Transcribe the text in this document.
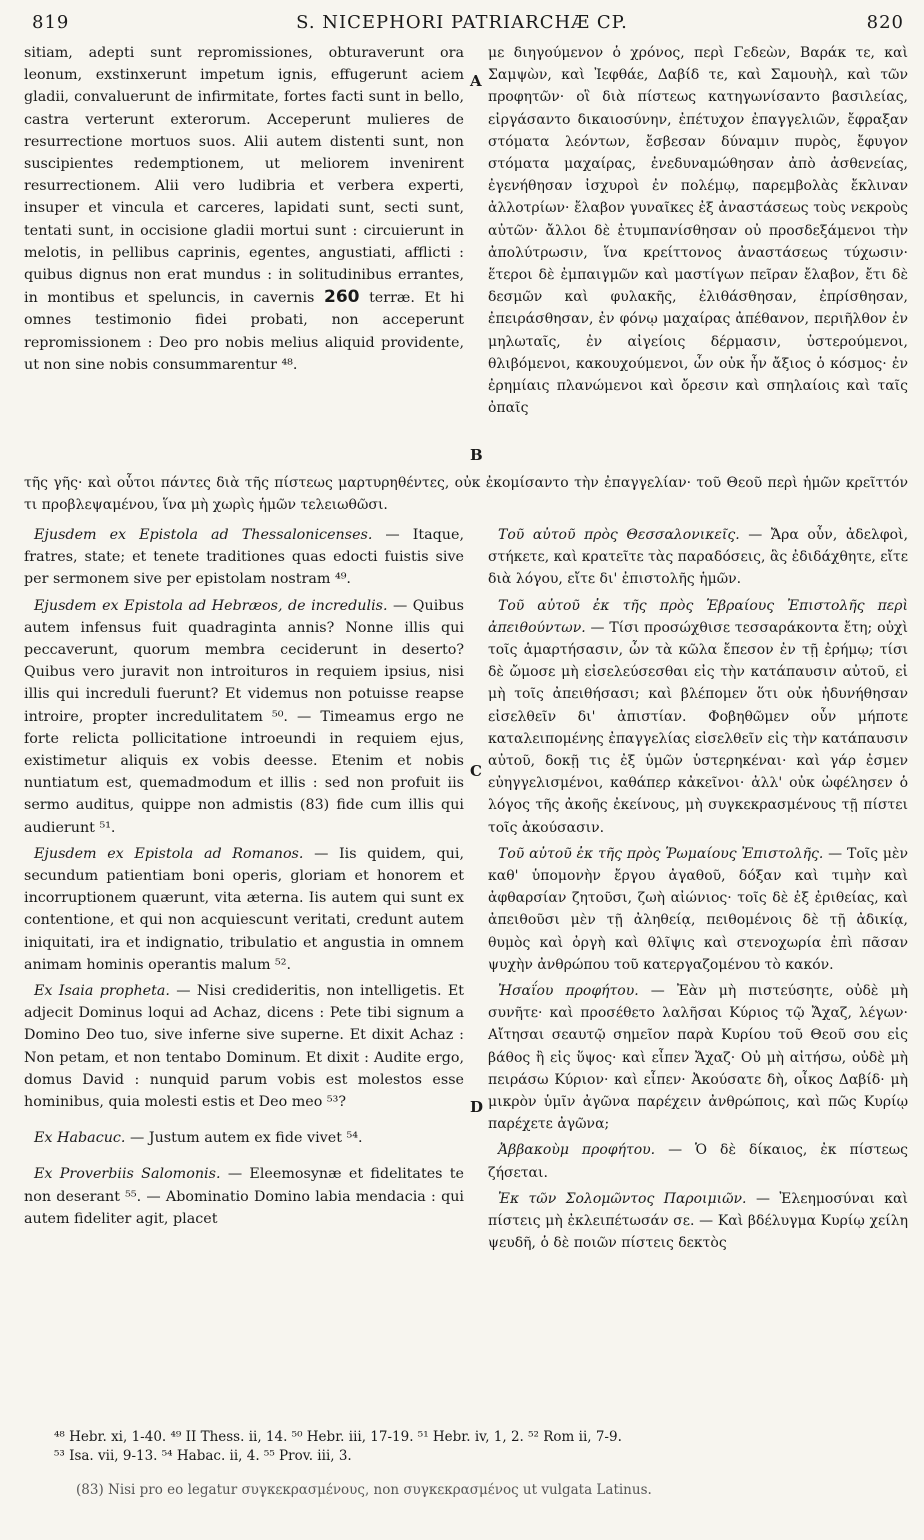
819	S. NICEPHORI PATRIARCHÆ CP.	820

sitiam, adepti sunt repromissiones, obturaverunt ora leonum, exstinxerunt impetum ignis, effugerunt aciem gladii, convaluerunt de infirmitate, fortes facti sunt in bello, castra verterunt exterorum. Acceperunt mulieres de resurrectione mortuos suos. Alii autem distenti sunt, non suscipientes redemptionem, ut meliorem invenirent resurrectionem. Alii vero ludibria et verbera experti, insuper et vincula et carceres, lapidati sunt, secti sunt, tentati sunt, in occisione gladii mortui sunt : circuierunt in melotis, in pellibus caprinis, egentes, angustiati, afflicti : quibus dignus non erat mundus : in solitudinibus errantes, in montibus et speluncis, in cavernis 260 terræ. Et hi omnes testimonio fidei probati, non acceperunt repromissionem : Deo pro nobis melius aliquid providente, ut non sine nobis consummarentur ⁴⁸.

A
B

με διηγούμενον ὁ χρόνος, περὶ Γεδεὼν, Βαράκ τε, καὶ Σαμψὼν, καὶ Ἰεφθάε, Δαβίδ τε, καὶ Σαμουὴλ, καὶ τῶν προφητῶν· οἳ διὰ πίστεως κατηγωνίσαντο βασιλείας, εἰργάσαντο δικαιοσύνην, ἐπέτυχον ἐπαγγελιῶν, ἔφραξαν στόματα λεόντων, ἔσβεσαν δύναμιν πυρὸς, ἔφυγον στόματα μαχαίρας, ἐνεδυναμώθησαν ἀπὸ ἀσθενείας, ἐγενήθησαν ἰσχυροὶ ἐν πολέμῳ, παρεμβολὰς ἔκλιναν ἀλλοτρίων· ἔλαβον γυναῖκες ἐξ ἀναστάσεως τοὺς νεκροὺς αὐτῶν· ἄλλοι δὲ ἐτυμπανίσθησαν οὐ προσδεξάμενοι τὴν ἀπολύτρωσιν, ἵνα κρείττονος ἀναστάσεως τύχωσιν· ἕτεροι δὲ ἐμπαιγμῶν καὶ μαστίγων πεῖραν ἔλαβον, ἔτι δὲ δεσμῶν καὶ φυλακῆς, ἐλιθάσθησαν, ἐπρίσθησαν, ἐπειράσθησαν, ἐν φόνῳ μαχαίρας ἀπέθανον, περιῆλθον ἐν μηλωταῖς, ἐν αἰγείοις δέρμασιν, ὑστερούμενοι, θλιβόμενοι, κακουχούμενοι, ὧν οὐκ ἦν ἄξιος ὁ κόσμος· ἐν ἐρημίαις πλανώμενοι καὶ ὄρεσιν καὶ σπηλαίοις καὶ ταῖς ὀπαῖς

τῆς γῆς· καὶ οὗτοι πάντες διὰ τῆς πίστεως μαρτυρηθέντες, οὐκ ἐκομίσαντο τὴν ἐπαγγελίαν· τοῦ Θεοῦ περὶ ἡμῶν κρεῖττόν τι προβλεψαμένου, ἵνα μὴ χωρὶς ἡμῶν τελειωθῶσι.

Ejusdem ex Epistola ad Thessalonicenses. — Itaque, fratres, state; et tenete traditiones quas edocti fuistis sive per sermonem sive per epistolam nostram ⁴⁹.

Ejusdem ex Epistola ad Hebræos, de incredulis. — Quibus autem infensus fuit quadraginta annis? Nonne illis qui peccaverunt, quorum membra ceciderunt in deserto? Quibus vero juravit non introituros in requiem ipsius, nisi illis qui increduli fuerunt? Et videmus non potuisse reapse introire, propter incredulitatem ⁵⁰. — Timeamus ergo ne forte relicta pollicitatione introeundi in requiem ejus, existimetur aliquis ex vobis deesse. Etenim et nobis nuntiatum est, quemadmodum et illis : sed non profuit iis sermo auditus, quippe non admistis (83) fide cum illis qui audierunt ⁵¹.

Ejusdem ex Epistola ad Romanos. — Iis quidem, qui, secundum patientiam boni operis, gloriam et honorem et incorruptionem quærunt, vita æterna. Iis autem qui sunt ex contentione, et qui non acquiescunt veritati, credunt autem iniquitati, ira et indignatio, tribulatio et angustia in omnem animam hominis operantis malum ⁵².

Ex Isaia propheta. — Nisi credideritis, non intelligetis. Et adjecit Dominus loqui ad Achaz, dicens : Pete tibi signum a Domino Deo tuo, sive inferne sive superne. Et dixit Achaz : Non petam, et non tentabo Dominum. Et dixit : Audite ergo, domus David : nunquid parum vobis est molestos esse hominibus, quia molesti estis et Deo meo ⁵³?

Ex Habacuc. — Justum autem ex fide vivet ⁵⁴.

Ex Proverbiis Salomonis. — Eleemosynæ et fidelitates te non deserant ⁵⁵. — Abominatio Domino labia mendacia : qui autem fideliter agit, placet

C
D

Τοῦ αὐτοῦ πρὸς Θεσσαλονικεῖς. — Ἄρα οὖν, ἀδελφοὶ, στήκετε, καὶ κρατεῖτε τὰς παραδόσεις, ἃς ἐδιδάχθητε, εἴτε διὰ λόγου, εἴτε δι' ἐπιστολῆς ἡμῶν.

Τοῦ αὐτοῦ ἐκ τῆς πρὸς Ἑβραίους Ἐπιστολῆς περὶ ἀπειθούντων. — Τίσι προσώχθισε τεσσαράκοντα ἔτη; οὐχὶ τοῖς ἁμαρτήσασιν, ὧν τὰ κῶλα ἔπεσον ἐν τῇ ἐρήμῳ; τίσι δὲ ὤμοσε μὴ εἰσελεύσεσθαι εἰς τὴν κατάπαυσιν αὐτοῦ, εἰ μὴ τοῖς ἀπειθήσασι; καὶ βλέπομεν ὅτι οὐκ ἠδυνήθησαν εἰσελθεῖν δι' ἀπιστίαν. Φοβηθῶμεν οὖν μήποτε καταλειπομένης ἐπαγγελίας εἰσελθεῖν εἰς τὴν κατάπαυσιν αὐτοῦ, δοκῇ τις ἐξ ὑμῶν ὑστερηκέναι· καὶ γάρ ἐσμεν εὐηγγελισμένοι, καθάπερ κἀκεῖνοι· ἀλλ' οὐκ ὠφέλησεν ὁ λόγος τῆς ἀκοῆς ἐκείνους, μὴ συγκεκρασμένους τῇ πίστει τοῖς ἀκούσασιν.

Τοῦ αὐτοῦ ἐκ τῆς πρὸς Ῥωμαίους Ἐπιστολῆς. — Τοῖς μὲν καθ' ὑπομονὴν ἔργου ἀγαθοῦ, δόξαν καὶ τιμὴν καὶ ἀφθαρσίαν ζητοῦσι, ζωὴ αἰώνιος· τοῖς δὲ ἐξ ἐριθείας, καὶ ἀπειθοῦσι μὲν τῇ ἀληθείᾳ, πειθομένοις δὲ τῇ ἀδικίᾳ, θυμὸς καὶ ὀργὴ καὶ θλῖψις καὶ στενοχωρία ἐπὶ πᾶσαν ψυχὴν ἀνθρώπου τοῦ κατεργαζομένου τὸ κακόν.

Ἠσαΐου προφήτου. — Ἐὰν μὴ πιστεύσητε, οὐδὲ μὴ συνῆτε· καὶ προσέθετο λαλῆσαι Κύριος τῷ Ἄχαζ, λέγων· Αἴτησαι σεαυτῷ σημεῖον παρὰ Κυρίου τοῦ Θεοῦ σου εἰς βάθος ἢ εἰς ὕψος· καὶ εἶπεν Ἄχαζ· Οὐ μὴ αἰτήσω, οὐδὲ μὴ πειράσω Κύριον· καὶ εἶπεν· Ἀκούσατε δὴ, οἶκος Δαβίδ· μὴ μικρὸν ὑμῖν ἀγῶνα παρέχειν ἀνθρώποις, καὶ πῶς Κυρίῳ παρέχετε ἀγῶνα;

Ἀββακοὺμ προφήτου. — Ὁ δὲ δίκαιος, ἐκ πίστεως ζήσεται.

Ἐκ τῶν Σολομῶντος Παροιμιῶν. — Ἐλεημοσύναι καὶ πίστεις μὴ ἐκλειπέτωσάν σε. — Καὶ βδέλυγμα Κυρίῳ χείλη ψευδῆ, ὁ δὲ ποιῶν πίστεις δεκτὸς

⁴⁸ Hebr. xi, 1-40. ⁴⁹ II Thess. ii, 14. ⁵⁰ Hebr. iii, 17-19. ⁵¹ Hebr. iv, 1, 2. ⁵² Rom ii, 7-9.
⁵³ Isa. vii, 9-13. ⁵⁴ Habac. ii, 4. ⁵⁵ Prov. iii, 3.
(83) Nisi pro eo legatur συγκεκρασμένους, non συγκεκρασμένος ut vulgata Latinus.
